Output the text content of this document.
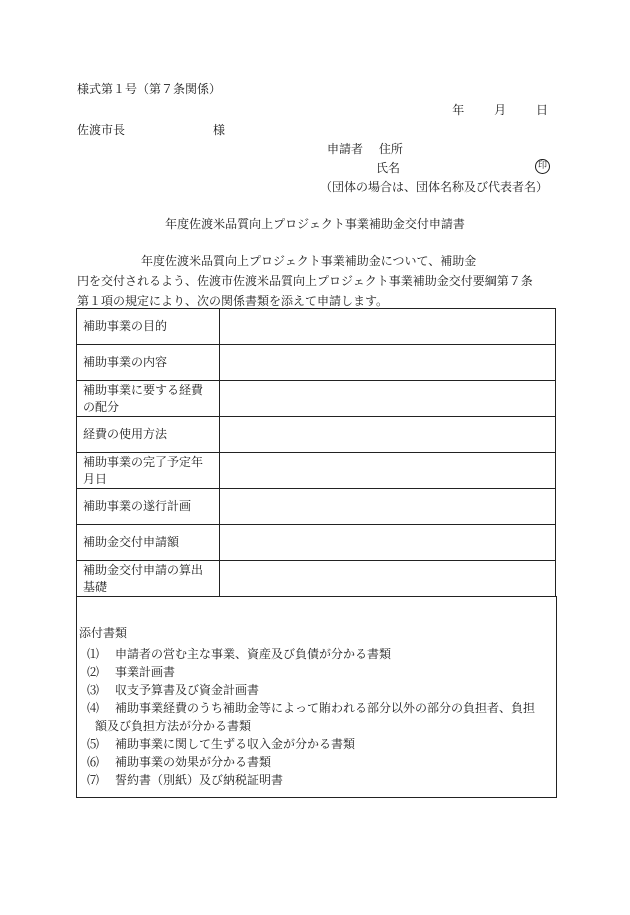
様式第１号（第７条関係）
年 月 日
佐渡市長	様
申請者 住所
氏名	印
（団体の場合は、団体名称及び代表者名）
年度佐渡米品質向上プロジェクト事業補助金交付申請書
年度佐渡米品質向上プロジェクト事業補助金について、補助金
円を交付されるよう、佐渡市佐渡米品質向上プロジェクト事業補助金交付要綱第７条
第１項の規定により、次の関係書類を添えて申請します。
補助事業の目的	
補助事業の内容	
補助事業に要する経費の配分	
経費の使用方法	
補助事業の完了予定年月日	
補助事業の遂行計画	
補助金交付申請額	
補助金交付申請の算出基礎	
添付書類
⑴ 申請者の営む主な事業、資産及び負債が分かる書類
⑵ 事業計画書
⑶ 収支予算書及び資金計画書
⑷ 補助事業経費のうち補助金等によって賄われる部分以外の部分の負担者、負担
額及び負担方法が分かる書類
⑸ 補助事業に関して生ずる収入金が分かる書類
⑹ 補助事業の効果が分かる書類
⑺ 誓約書（別紙）及び納税証明書
